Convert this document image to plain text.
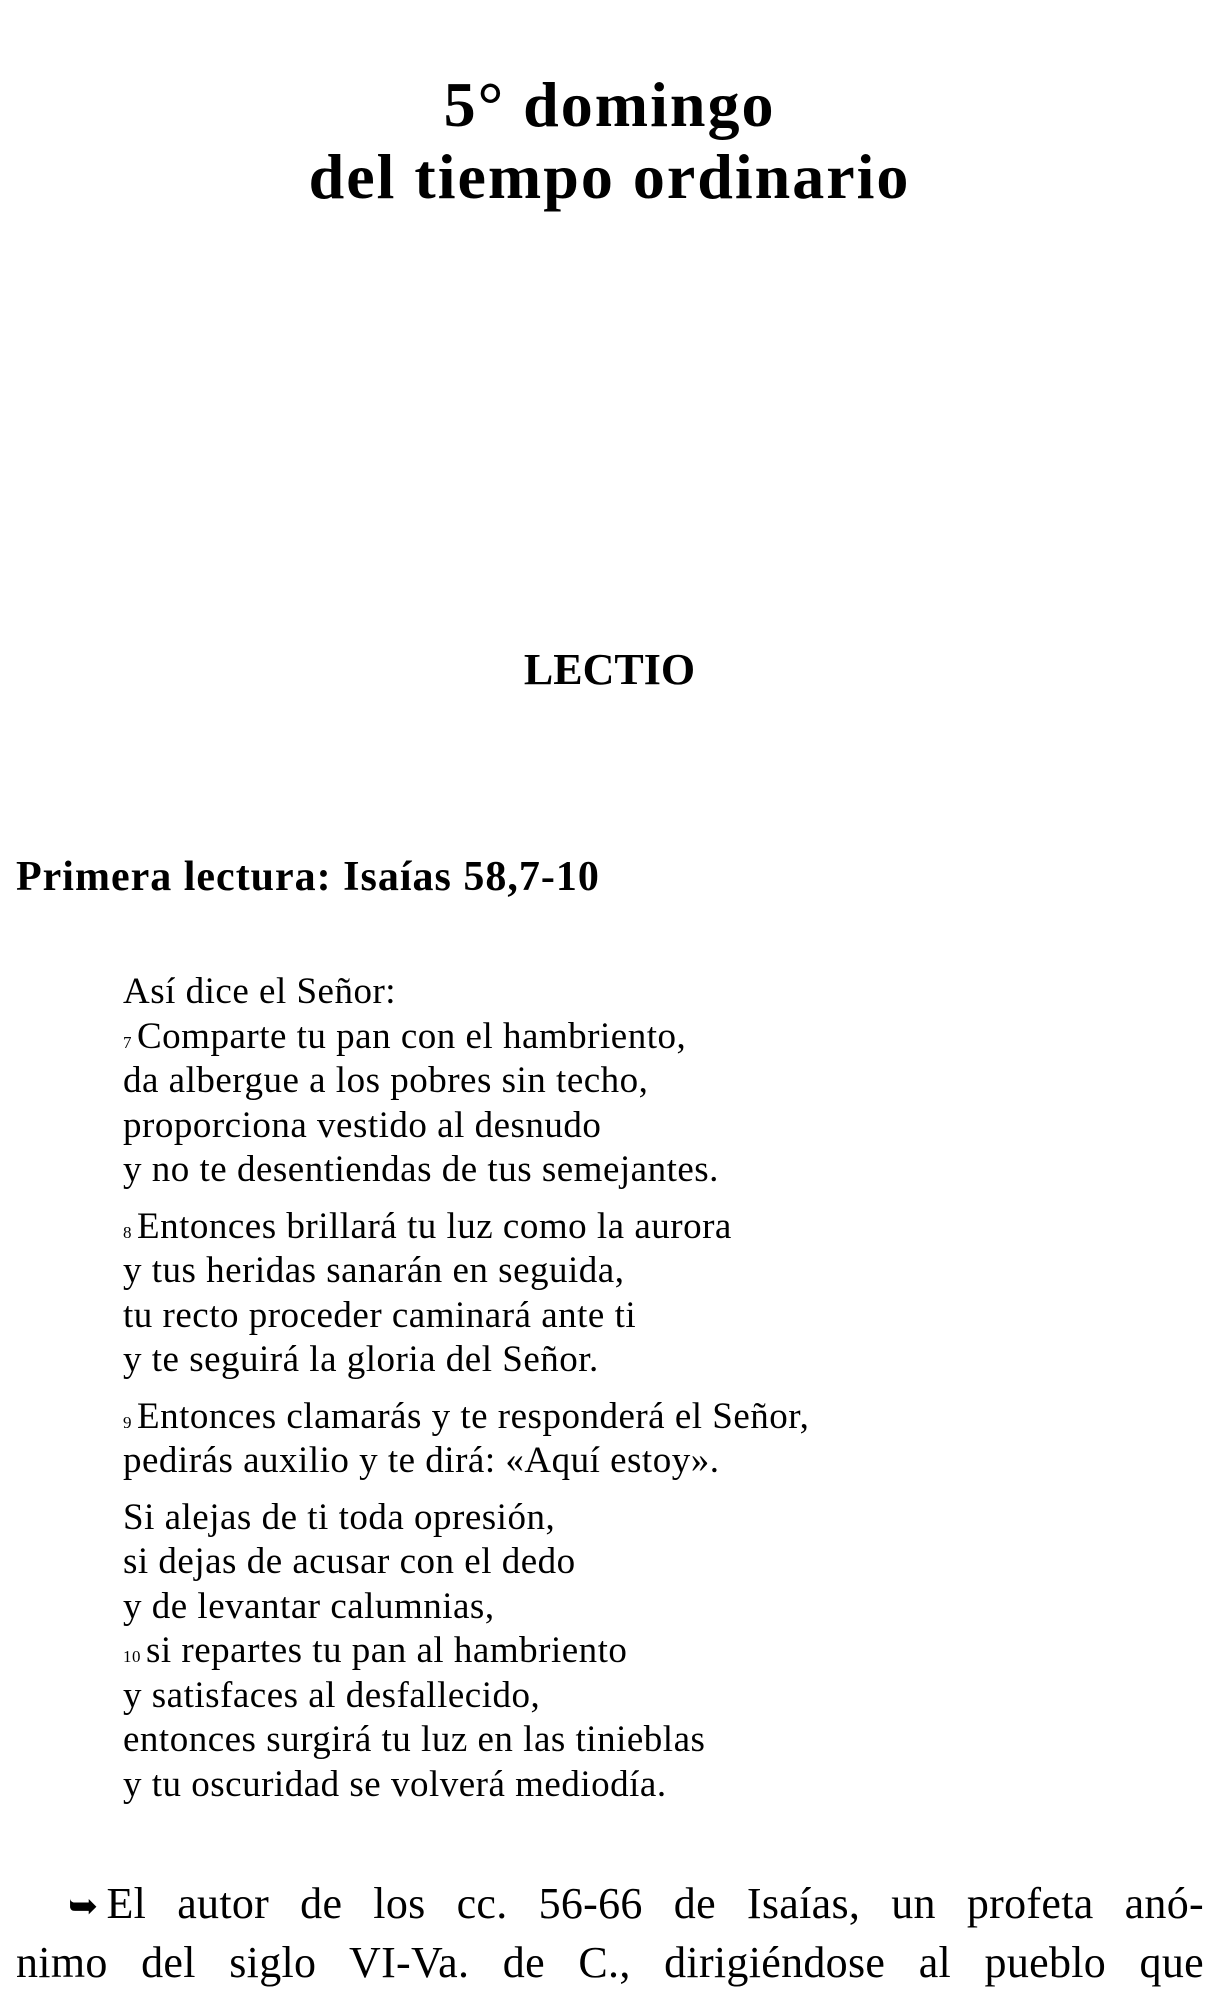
5° domingo
del tiempo ordinario
LECTIO
Primera lectura: Isaías 58,7-10
Así dice el Señor:
7 Comparte tu pan con el hambriento,
da albergue a los pobres sin techo,
proporciona vestido al desnudo
y no te desentiendas de tus semejantes.
8 Entonces brillará tu luz como la aurora
y tus heridas sanarán en seguida,
tu recto proceder caminará ante ti
y te seguirá la gloria del Señor.
9 Entonces clamarás y te responderá el Señor,
pedirás auxilio y te dirá: «Aquí estoy».
Si alejas de ti toda opresión,
si dejas de acusar con el dedo
y de levantar calumnias,
10 si repartes tu pan al hambriento
y satisfaces al desfallecido,
entonces surgirá tu luz en las tinieblas
y tu oscuridad se volverá mediodía.
➥ El autor de los cc. 56-66 de Isaías, un profeta anó-
nimo del siglo VI-Va. de C., dirigiéndose al pueblo que
